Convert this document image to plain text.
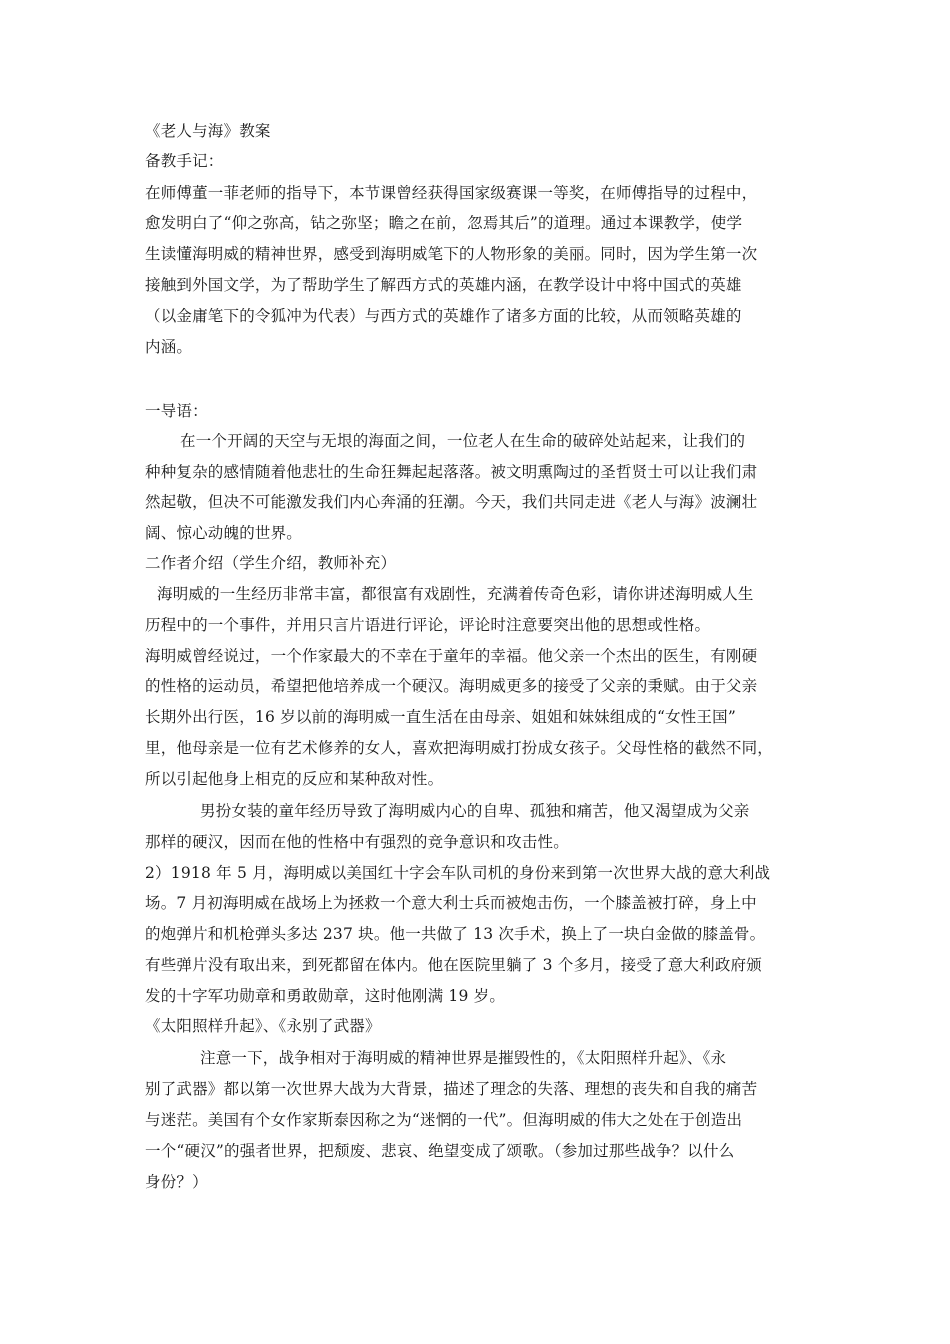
《老人与海》教案
备教手记：
在师傅董一菲老师的指导下，本节课曾经获得国家级赛课一等奖，在师傅指导的过程中，
愈发明白了“仰之弥高，钻之弥坚；瞻之在前，忽焉其后”的道理。通过本课教学，使学
生读懂海明威的精神世界，感受到海明威笔下的人物形象的美丽。同时，因为学生第一次
接触到外国文学，为了帮助学生了解西方式的英雄内涵，在教学设计中将中国式的英雄
（以金庸笔下的令狐冲为代表）与西方式的英雄作了诸多方面的比较，从而领略英雄的
内涵。
一导语：
在一个开阔的天空与无垠的海面之间，一位老人在生命的破碎处站起来，让我们的
种种复杂的感情随着他悲壮的生命狂舞起起落落。被文明熏陶过的圣哲贤士可以让我们肃
然起敬，但决不可能激发我们内心奔涌的狂潮。今天，我们共同走进《老人与海》波澜壮
阔、惊心动魄的世界。
二作者介绍（学生介绍，教师补充）
海明威的一生经历非常丰富，都很富有戏剧性，充满着传奇色彩，请你讲述海明威人生
历程中的一个事件，并用只言片语进行评论，评论时注意要突出他的思想或性格。
海明威曾经说过，一个作家最大的不幸在于童年的幸福。他父亲一个杰出的医生，有刚硬
的性格的运动员，希望把他培养成一个硬汉。海明威更多的接受了父亲的秉赋。由于父亲
长期外出行医，16 岁以前的海明威一直生活在由母亲、姐姐和妹妹组成的“女性王国”
里，他母亲是一位有艺术修养的女人，喜欢把海明威打扮成女孩子。父母性格的截然不同，
所以引起他身上相克的反应和某种敌对性。
男扮女装的童年经历导致了海明威内心的自卑、孤独和痛苦，他又渴望成为父亲
那样的硬汉，因而在他的性格中有强烈的竞争意识和攻击性。
2）1918 年 5 月，海明威以美国红十字会车队司机的身份来到第一次世界大战的意大利战
场。7 月初海明威在战场上为拯救一个意大利士兵而被炮击伤，一个膝盖被打碎，身上中
的炮弹片和机枪弹头多达 237 块。他一共做了 13 次手术，换上了一块白金做的膝盖骨。
有些弹片没有取出来，到死都留在体内。他在医院里躺了 3 个多月，接受了意大利政府颁
发的十字军功勋章和勇敢勋章，这时他刚满 19 岁。
《太阳照样升起》、《永别了武器》
注意一下，战争相对于海明威的精神世界是摧毁性的，《太阳照样升起》、《永
别了武器》都以第一次世界大战为大背景，描述了理念的失落、理想的丧失和自我的痛苦
与迷茫。美国有个女作家斯泰因称之为“迷惘的一代”。但海明威的伟大之处在于创造出
一个“硬汉”的强者世界，把颓废、悲哀、绝望变成了颂歌。（参加过那些战争？以什么
身份？）
